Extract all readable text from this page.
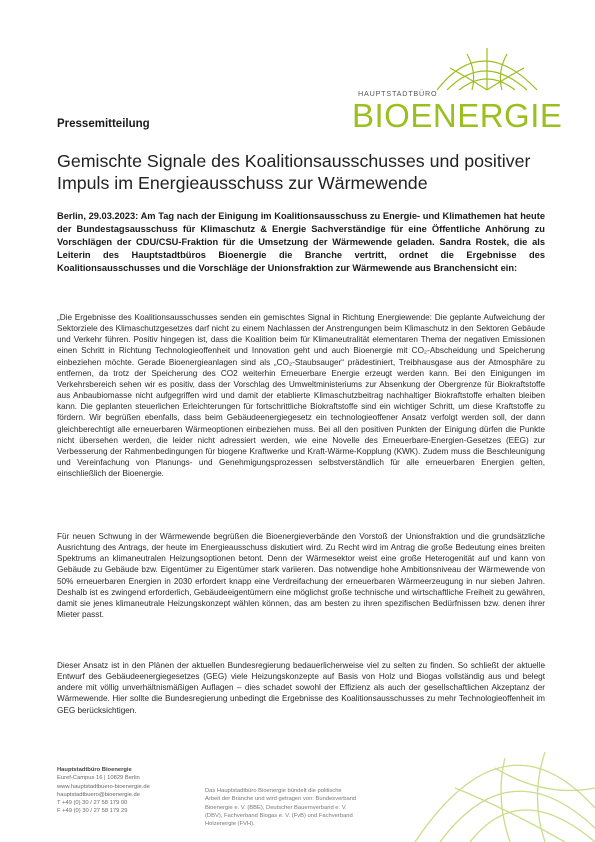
HAUPTSTADTBÜRO
BIOENERGIE
Pressemitteilung
Gemischte Signale des Koalitionsausschusses und positiver Impuls im Energieausschuss zur Wärmewende
Berlin, 29.03.2023: Am Tag nach der Einigung im Koalitionsausschuss zu Energie- und Klimathemen hat heute der Bundestagsausschuss für Klimaschutz & Energie Sachverständige für eine Öffentliche Anhörung zu Vorschlägen der CDU/CSU-Fraktion für die Umsetzung der Wärmewende geladen. Sandra Rostek, die als Leiterin des Hauptstadtbüros Bioenergie die Branche vertritt, ordnet die Ergebnisse des Koalitionsausschusses und die Vorschläge der Unionsfraktion zur Wärmewende aus Branchensicht ein:
„Die Ergebnisse des Koalitionsausschusses senden ein gemischtes Signal in Richtung Energiewende: Die geplante Aufweichung der Sektorziele des Klimaschutzgesetzes darf nicht zu einem Nachlassen der Anstrengungen beim Klimaschutz in den Sektoren Gebäude und Verkehr führen. Positiv hingegen ist, dass die Koalition beim für Klimaneutralität elementaren Thema der negativen Emissionen einen Schritt in Richtung Technologieoffenheit und Innovation geht und auch Bioenergie mit CO₂-Abscheidung und Speicherung einbeziehen möchte. Gerade Bioenergieanlagen sind als „CO₂-Staubsauger“ prädestiniert, Treibhausgase aus der Atmosphäre zu entfernen, da trotz der Speicherung des CO2 weiterhin Erneuerbare Energie erzeugt werden kann. Bei den Einigungen im Verkehrsbereich sehen wir es positiv, dass der Vorschlag des Umweltministeriums zur Absenkung der Obergrenze für Biokraftstoffe aus Anbaubiomasse nicht aufgegriffen wird und damit der etablierte Klimaschutzbeitrag nachhaltiger Biokraftstoffe erhalten bleiben kann. Die geplanten steuerlichen Erleichterungen für fortschrittliche Biokraftstoffe sind ein wichtiger Schritt, um diese Kraftstoffe zu fördern. Wir begrüßen ebenfalls, dass beim Gebäudeenergiegesetz ein technologieoffener Ansatz verfolgt werden soll, der dann gleichberechtigt alle erneuerbaren Wärmeoptionen einbeziehen muss. Bei all den positiven Punkten der Einigung dürfen die Punkte nicht übersehen werden, die leider nicht adressiert werden, wie eine Novelle des Erneuerbare-Energien-Gesetzes (EEG) zur Verbesserung der Rahmenbedingungen für biogene Kraftwerke und Kraft-Wärme-Kopplung (KWK). Zudem muss die Beschleunigung und Vereinfachung von Planungs- und Genehmigungsprozessen selbstverständlich für alle erneuerbaren Energien gelten, einschließlich der Bioenergie.
Für neuen Schwung in der Wärmewende begrüßen die Bioenergieverbände den Vorstoß der Unionsfraktion und die grundsätzliche Ausrichtung des Antrags, der heute im Energieausschuss diskutiert wird. Zu Recht wird im Antrag die große Bedeutung eines breiten Spektrums an klimaneutralen Heizungsoptionen betont. Denn der Wärmesektor weist eine große Heterogenität auf und kann von Gebäude zu Gebäude bzw. Eigentümer zu Eigentümer stark variieren. Das notwendige hohe Ambitionsniveau der Wärmewende von 50% erneuerbaren Energien in 2030 erfordert knapp eine Verdreifachung der erneuerbaren Wärmeerzeugung in nur sieben Jahren. Deshalb ist es zwingend erforderlich, Gebäudeeigentümern eine möglichst große technische und wirtschaftliche Freiheit zu gewähren, damit sie jenes klimaneutrale Heizungskonzept wählen können, das am besten zu ihren spezifischen Bedürfnissen bzw. denen ihrer Mieter passt.
Dieser Ansatz ist in den Plänen der aktuellen Bundesregierung bedauerlicherweise viel zu selten zu finden. So schließt der aktuelle Entwurf des Gebäudeenergiegesetzes (GEG) viele Heizungskonzepte auf Basis von Holz und Biogas vollständig aus und belegt andere mit völlig unverhältnismäßigen Auflagen – dies schadet sowohl der Effizienz als auch der gesellschaftlichen Akzeptanz der Wärmewende. Hier sollte die Bundesregierung unbedingt die Ergebnisse des Koalitionsausschusses zu mehr Technologieoffenheit im GEG berücksichtigen.
Hauptstadtbüro Bioenergie
Euref-Campus 16 | 10829 Berlin
www.hauptstadtbuero-bioenergie.de
hauptstadtbuero@bioenergie.de
T +49 (0) 30 / 27 58 179 00
F +49 (0) 30 / 27 58 179 29
Das Hauptstadtbüro Bioenergie bündelt die politische
Arbeit der Branche und wird getragen von: Bundesverband
Bioenergie e. V. (BBE), Deutscher Bauernverband e. V.
(DBV), Fachverband Biogas e. V. (FvB) und Fachverband
Holzenergie (FVH).
